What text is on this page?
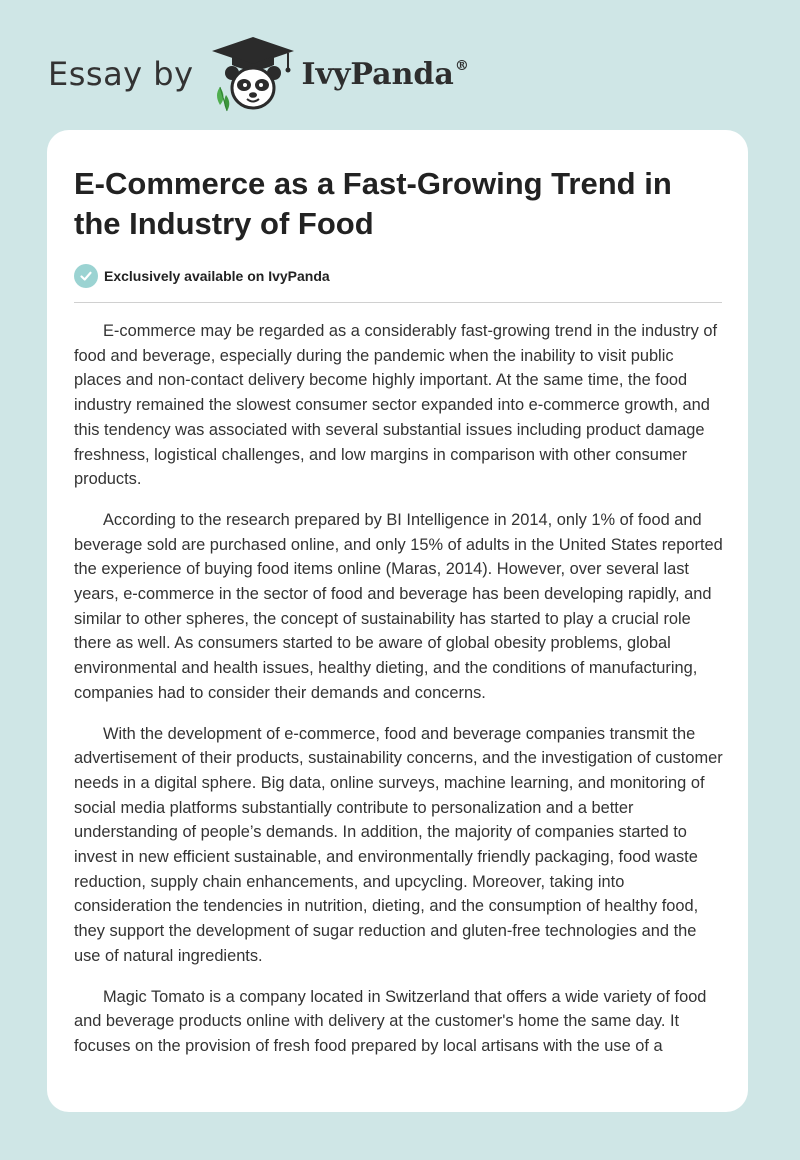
Essay by	IvyPanda®
E-Commerce as a Fast-Growing Trend in the Industry of Food
Exclusively available on IvyPanda

E-commerce may be regarded as a considerably fast-growing trend in the industry of food and beverage, especially during the pandemic when the inability to visit public places and non-contact delivery become highly important. At the same time, the food industry remained the slowest consumer sector expanded into e-commerce growth, and this tendency was associated with several substantial issues including product damage freshness, logistical challenges, and low margins in comparison with other consumer products.

According to the research prepared by BI Intelligence in 2014, only 1% of food and beverage sold are purchased online, and only 15% of adults in the United States reported the experience of buying food items online (Maras, 2014). However, over several last years, e-commerce in the sector of food and beverage has been developing rapidly, and similar to other spheres, the concept of sustainability has started to play a crucial role there as well. As consumers started to be aware of global obesity problems, global environmental and health issues, healthy dieting, and the conditions of manufacturing, companies had to consider their demands and concerns.

With the development of e-commerce, food and beverage companies transmit the advertisement of their products, sustainability concerns, and the investigation of customer needs in a digital sphere. Big data, online surveys, machine learning, and monitoring of social media platforms substantially contribute to personalization and a better understanding of people’s demands. In addition, the majority of companies started to invest in new efficient sustainable, and environmentally friendly packaging, food waste reduction, supply chain enhancements, and upcycling. Moreover, taking into consideration the tendencies in nutrition, dieting, and the consumption of healthy food, they support the development of sugar reduction and gluten-free technologies and the use of natural ingredients.

Magic Tomato is a company located in Switzerland that offers a wide variety of food and beverage products online with delivery at the customer's home the same day. It focuses on the provision of fresh food prepared by local artisans with the use of a
